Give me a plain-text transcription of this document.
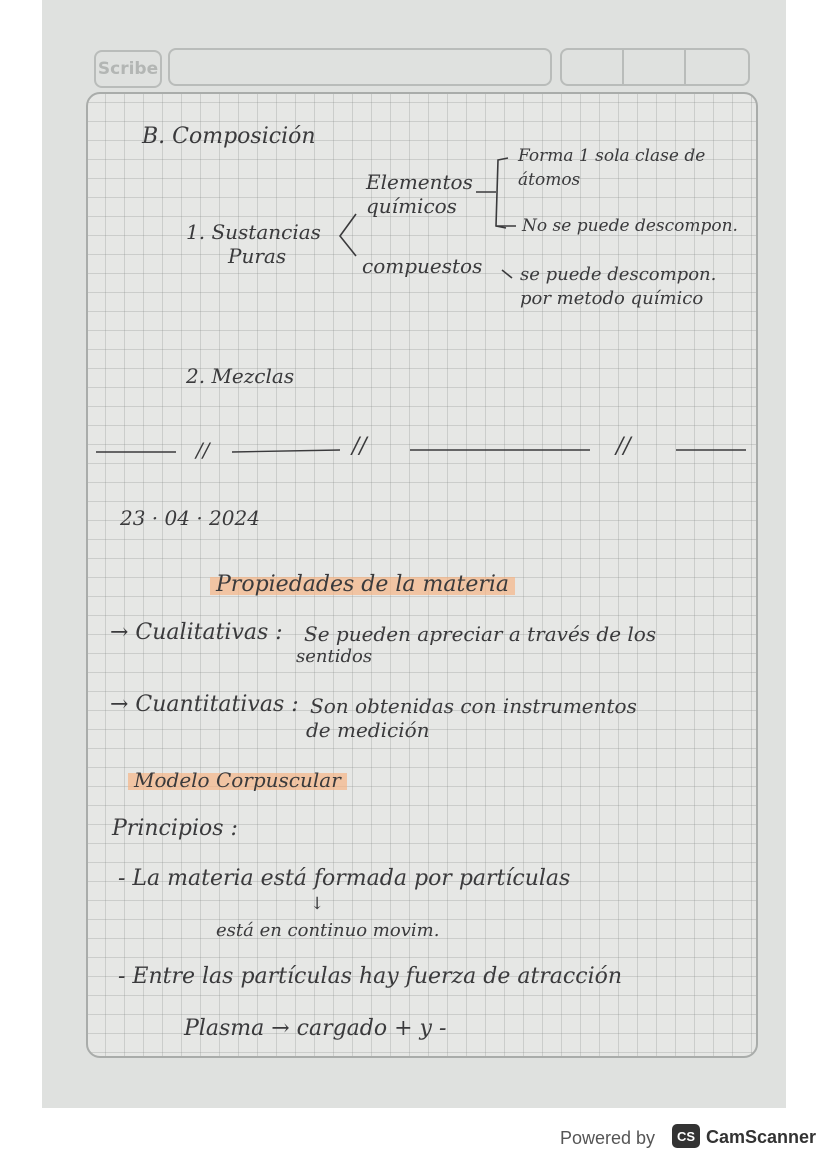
Scribe
B. Composición
1. Sustancias
Puras
Elementos
químicos
compuestos
Forma 1 sola clase de
átomos
No se puede descompon.
se puede descompon.
por metodo químico
2. Mezclas
//	//	//
23 · 04 · 2024
Propiedades de la materia
→ Cualitativas : Se pueden apreciar a través de los
sentidos
→ Cuantitativas : Son obtenidas con instrumentos
de medición
Modelo Corpuscular
Principios :
- La materia está formada por partículas
↓
está en continuo movim.
- Entre las partículas hay fuerza de atracción
Plasma → cargado + y -
Powered by CS CamScanner
